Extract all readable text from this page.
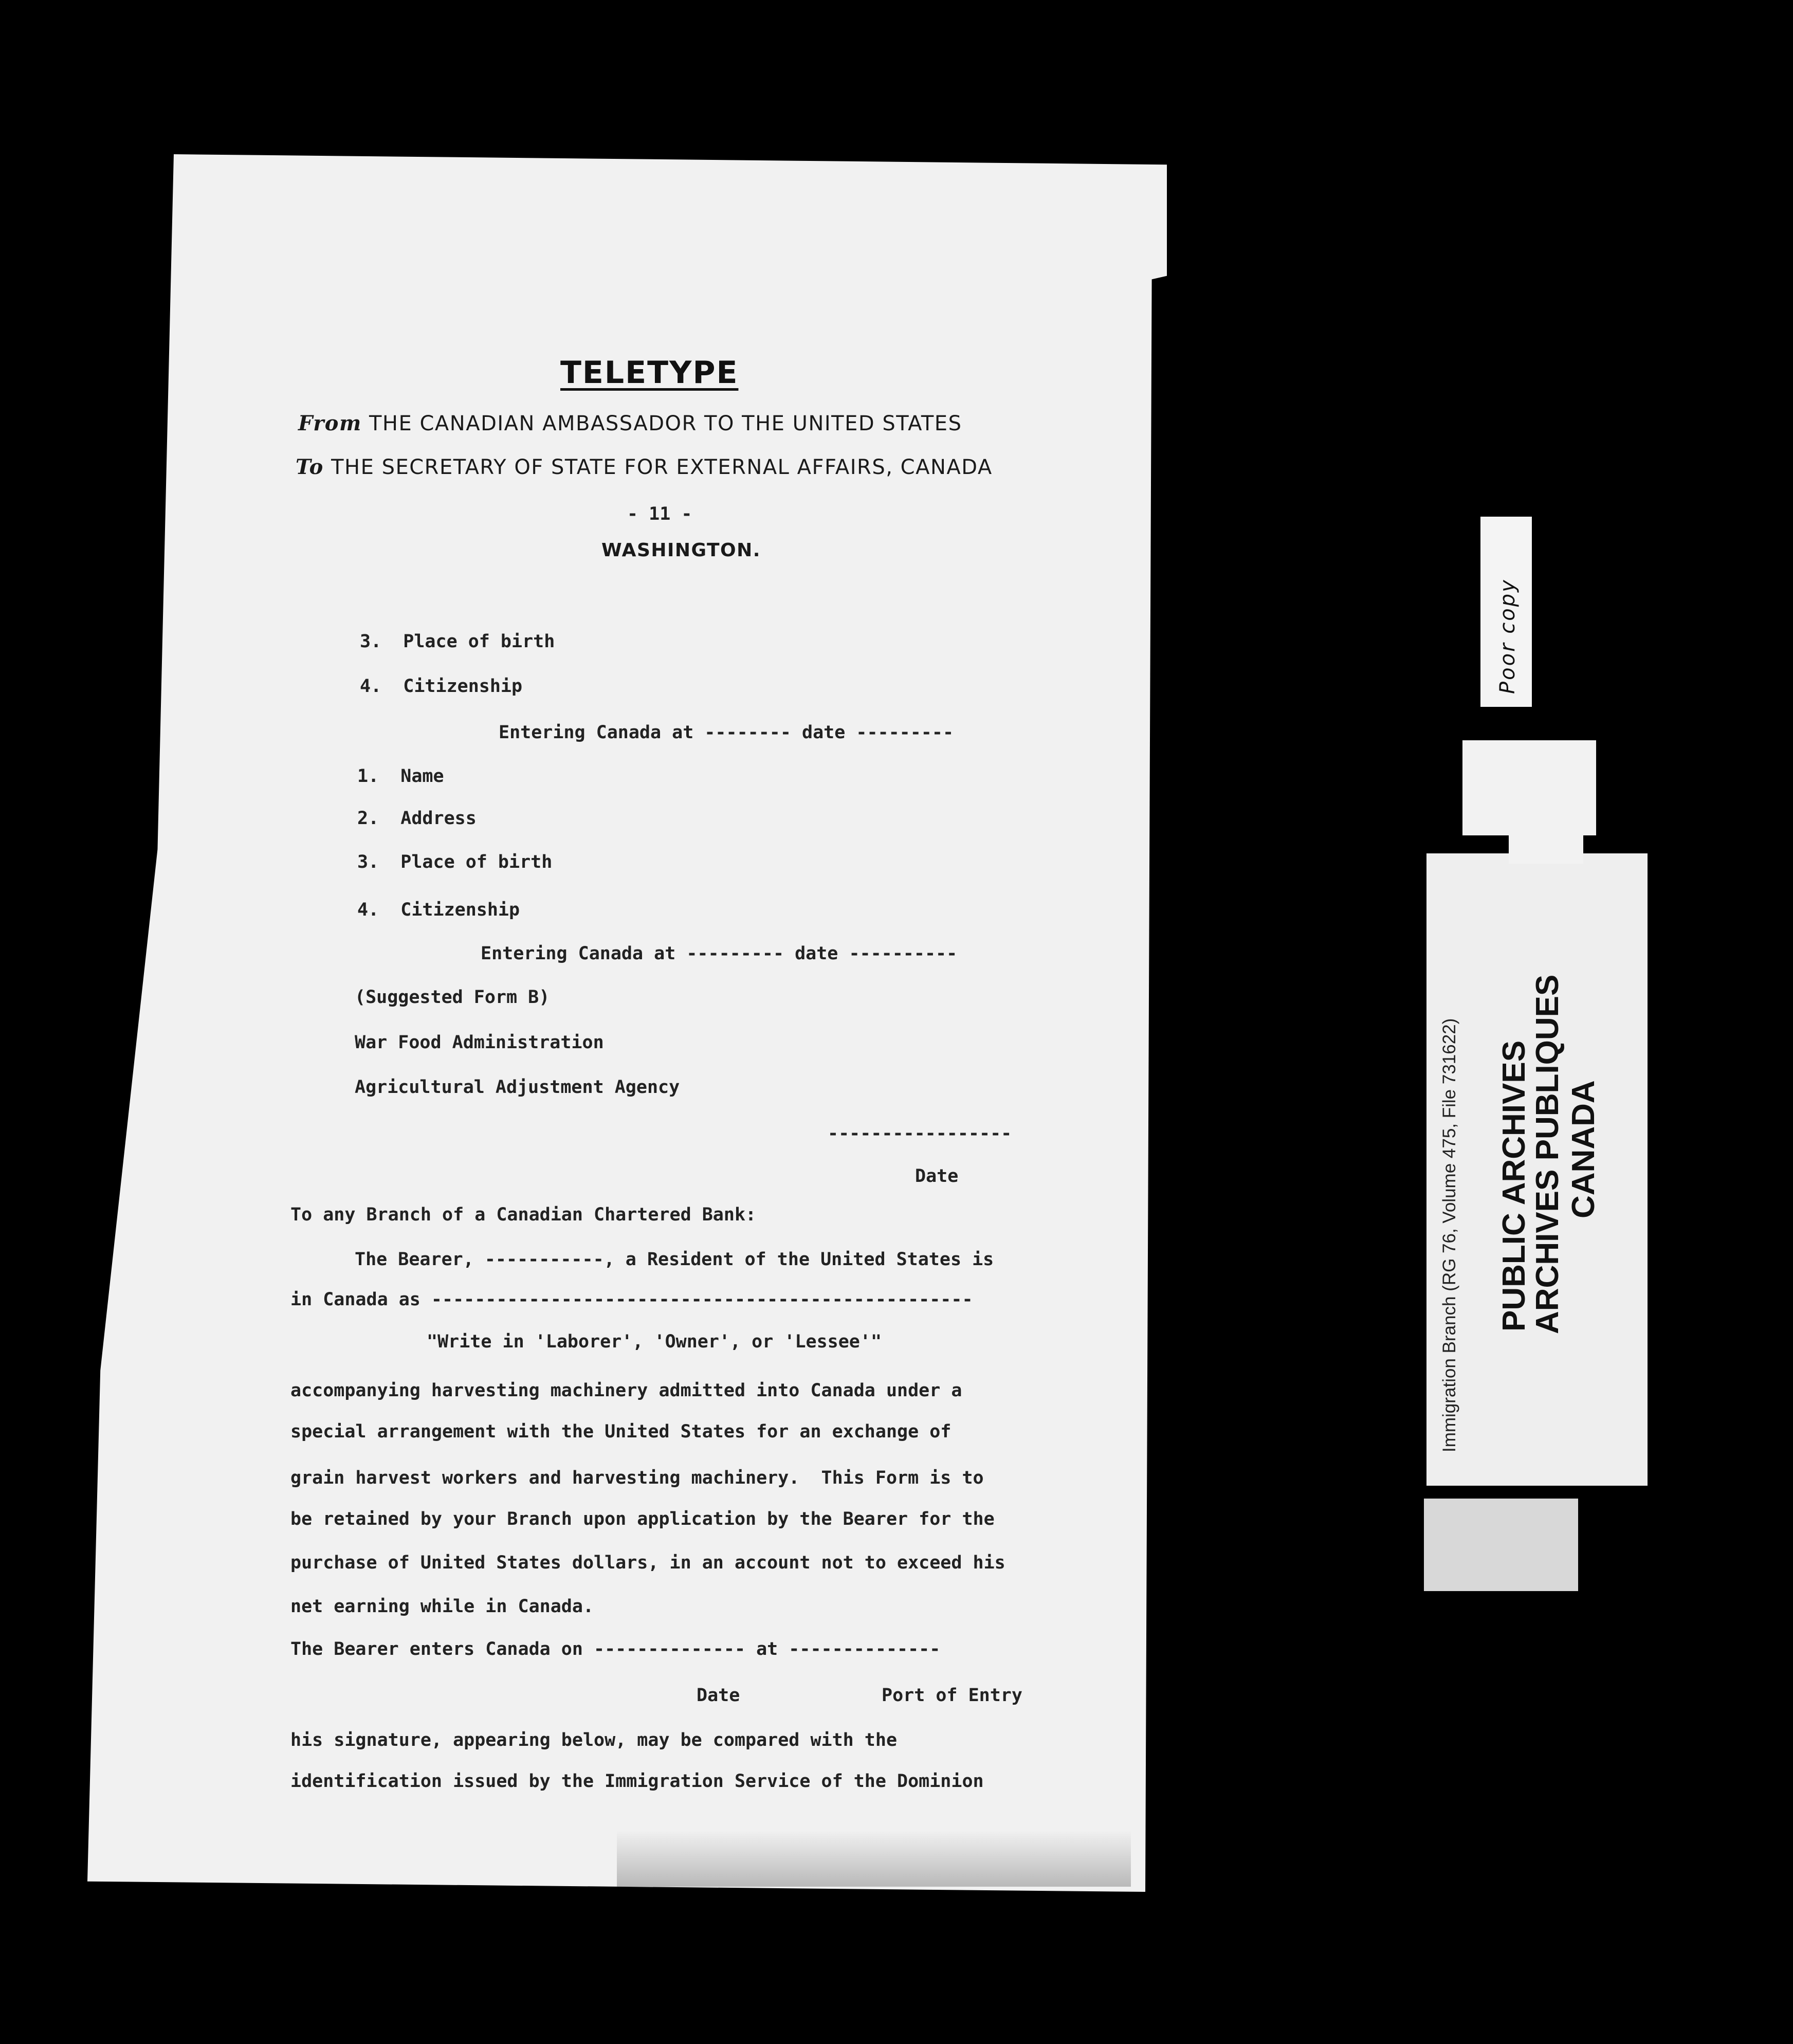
TELETYPE
From THE CANADIAN AMBASSADOR TO THE UNITED STATES
To THE SECRETARY OF STATE FOR EXTERNAL AFFAIRS, CANADA
- 11 -
WASHINGTON.
3.  Place of birth
4.  Citizenship
Entering Canada at -------- date ---------
1.  Name
2.  Address
3.  Place of birth
4.  Citizenship
Entering Canada at --------- date ----------
(Suggested Form B)
War Food Administration
Agricultural Adjustment Agency
-----------------
Date
To any Branch of a Canadian Chartered Bank:
The Bearer, -----------, a Resident of the United States is
in Canada as --------------------------------------------------
"Write in 'Laborer', 'Owner', or 'Lessee'"
accompanying harvesting machinery admitted into Canada under a
special arrangement with the United States for an exchange of
grain harvest workers and harvesting machinery.  This Form is to
be retained by your Branch upon application by the Bearer for the
purchase of United States dollars, in an account not to exceed his
net earning while in Canada.
The Bearer enters Canada on -------------- at --------------
Date	Port of Entry
his signature, appearing below, may be compared with the
identification issued by the Immigration Service of the Dominion
Poor copy
Immigration Branch (RG 76, Volume 475, File 731622) PUBLIC ARCHIVES
ARCHIVES PUBLIQUES CANADA
